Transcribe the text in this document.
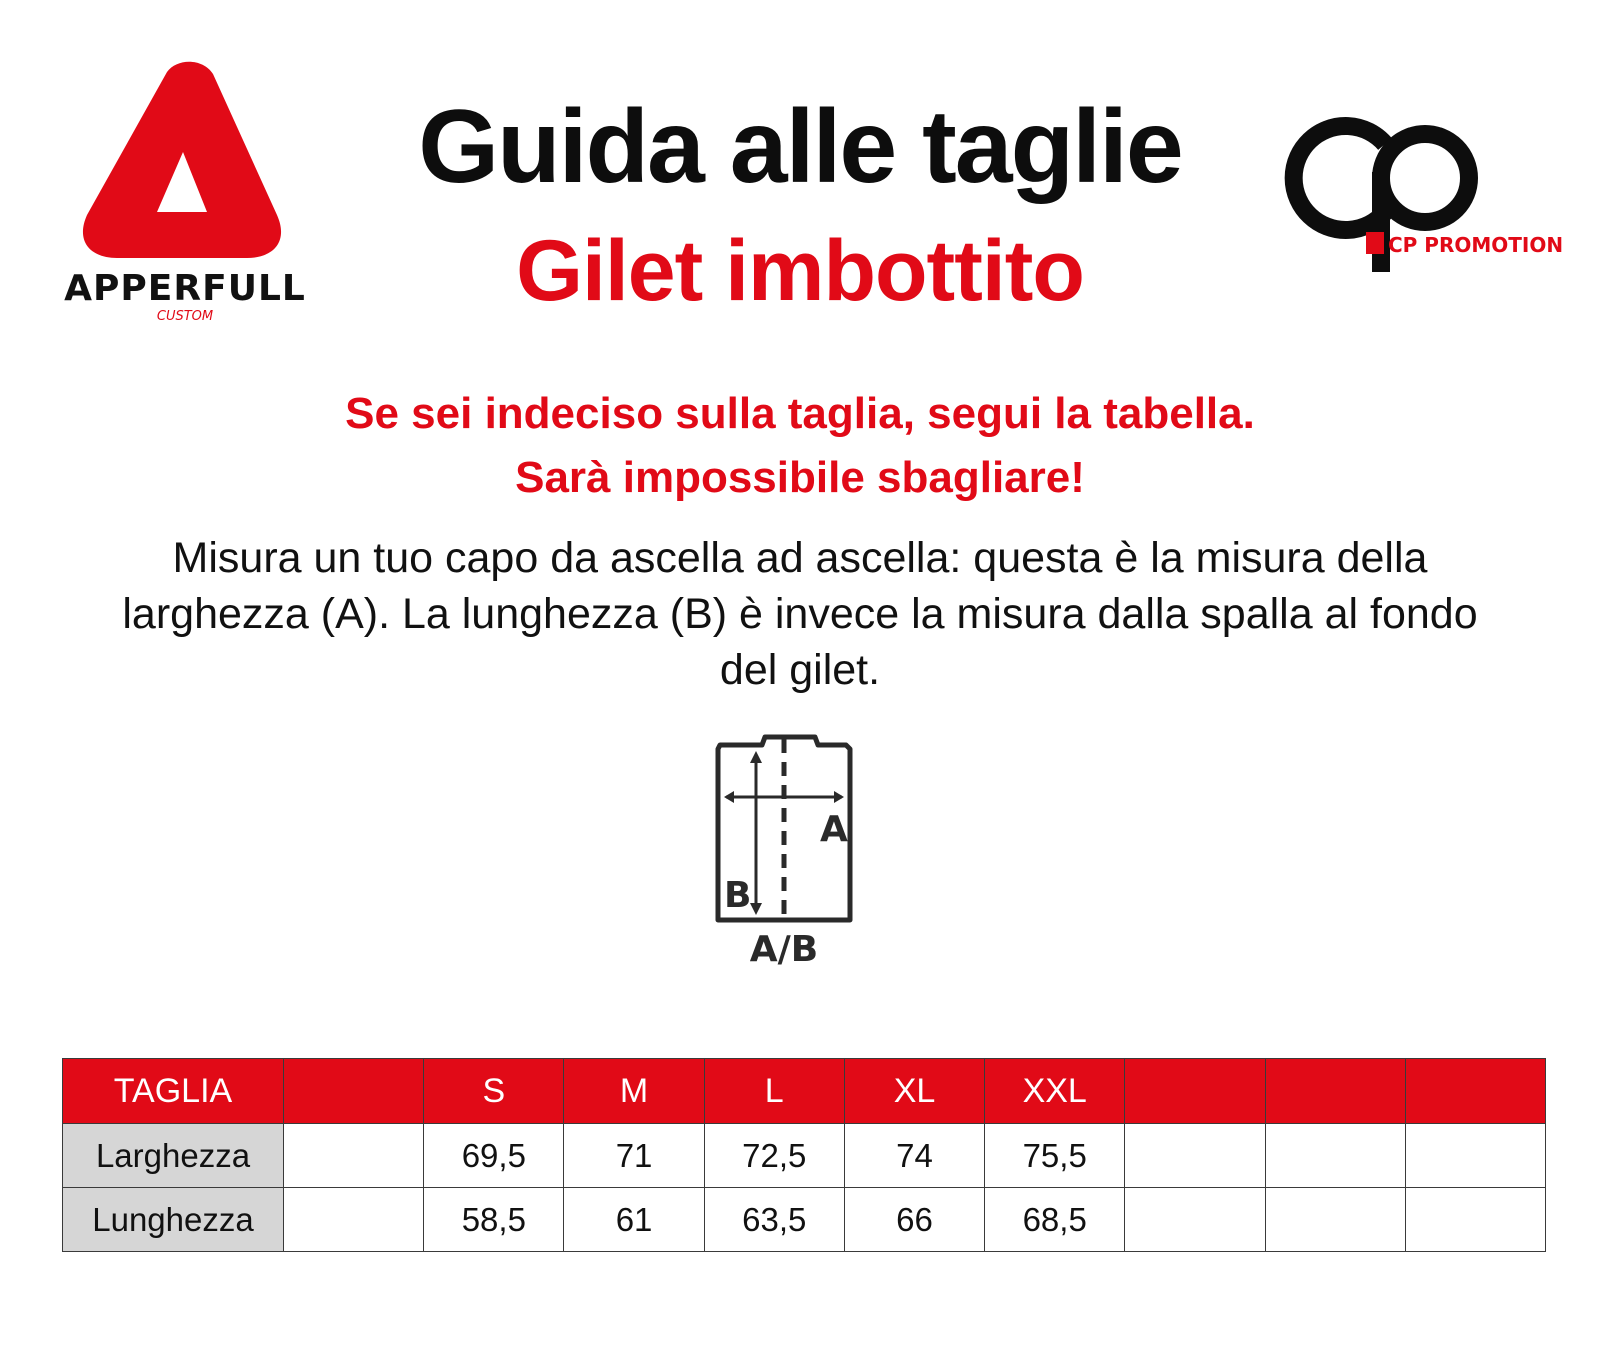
APPERFULL
CUSTOM
CP PROMOTION
Guida alle taglie
Gilet imbottito
Se sei indeciso sulla taglia, segui la tabella.
Sarà impossibile sbagliare!
Misura un tuo capo da ascella ad ascella: questa è la misura della larghezza (A). La lunghezza (B) è invece la misura dalla spalla al fondo del gilet.
A
B
A/B
TAGLIA		S	M	L	XL	XXL			
Larghezza		69,5	71	72,5	74	75,5			
Lunghezza		58,5	61	63,5	66	68,5			
